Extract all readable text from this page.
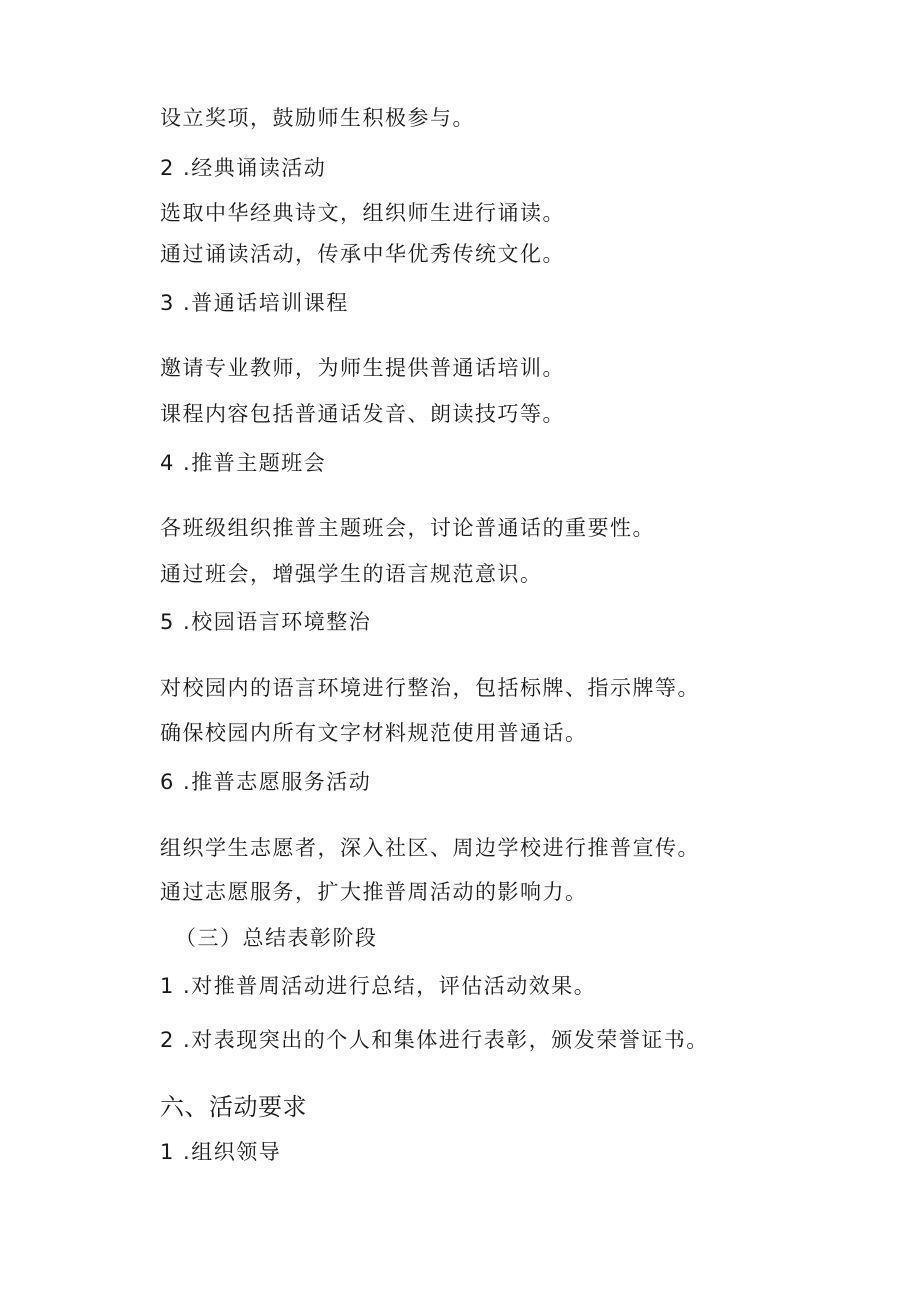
设立奖项，鼓励师生积极参与。
2 .经典诵读活动
选取中华经典诗文，组织师生进行诵读。
通过诵读活动，传承中华优秀传统文化。
3 .普通话培训课程
邀请专业教师，为师生提供普通话培训。
课程内容包括普通话发音、朗读技巧等。
4 .推普主题班会
各班级组织推普主题班会，讨论普通话的重要性。
通过班会，增强学生的语言规范意识。
5 .校园语言环境整治
对校园内的语言环境进行整治，包括标牌、指示牌等。
确保校园内所有文字材料规范使用普通话。
6 .推普志愿服务活动
组织学生志愿者，深入社区、周边学校进行推普宣传。
通过志愿服务，扩大推普周活动的影响力。
（三）总结表彰阶段
1 .对推普周活动进行总结，评估活动效果。
2 .对表现突出的个人和集体进行表彰，颁发荣誉证书。
六、活动要求
1 .组织领导
